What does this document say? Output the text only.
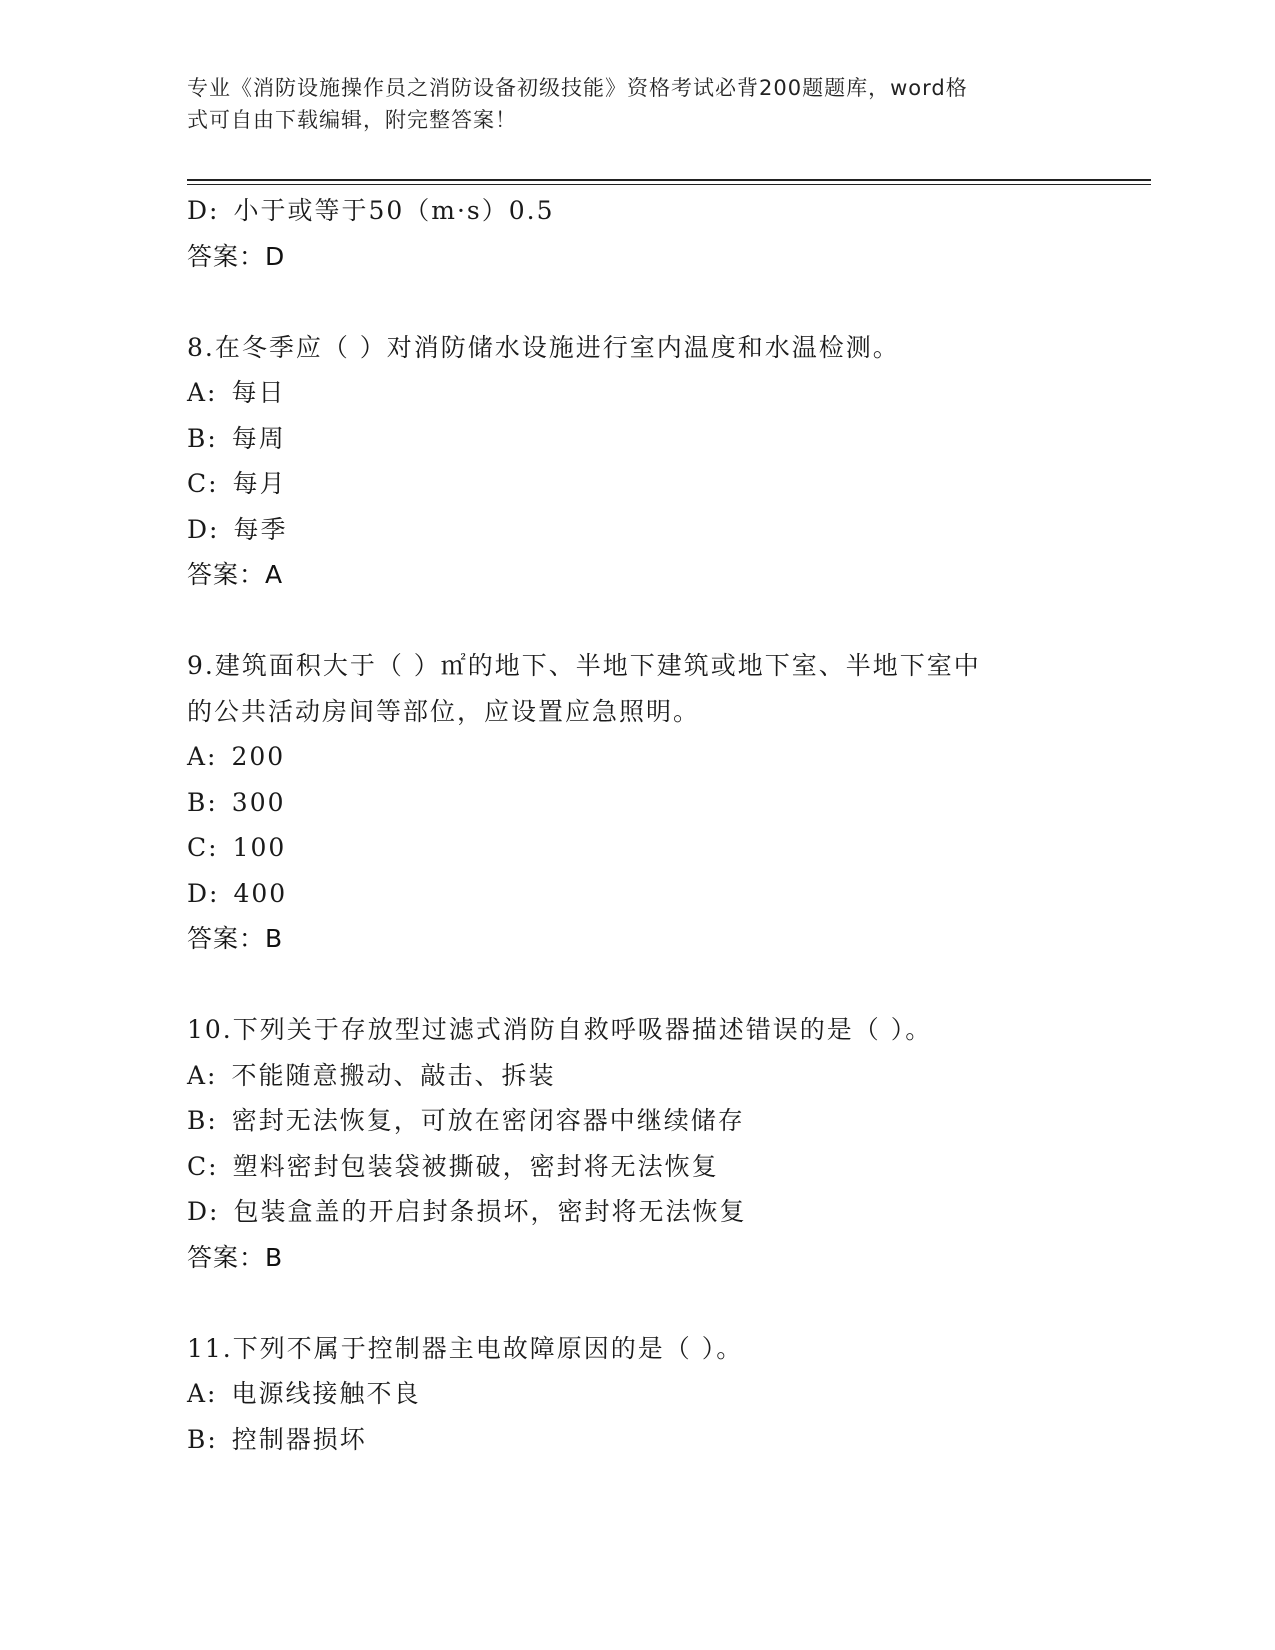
专业《消防设施操作员之消防设备初级技能》资格考试必背200题题库，word格
式可自由下载编辑，附完整答案！
D: 小于或等于50（m·s）0.5
答案：D
8.在冬季应（ ）对消防储水设施进行室内温度和水温检测。
A: 每日
B: 每周
C: 每月
D: 每季
答案：A
9.建筑面积大于（ ）㎡的地下、半地下建筑或地下室、半地下室中
的公共活动房间等部位，应设置应急照明。
A: 200
B: 300
C: 100
D: 400
答案：B
10.下列关于存放型过滤式消防自救呼吸器描述错误的是（ ）。
A: 不能随意搬动、敲击、拆装
B: 密封无法恢复，可放在密闭容器中继续储存
C: 塑料密封包装袋被撕破，密封将无法恢复
D: 包装盒盖的开启封条损坏，密封将无法恢复
答案：B
11.下列不属于控制器主电故障原因的是（ ）。
A: 电源线接触不良
B: 控制器损坏
